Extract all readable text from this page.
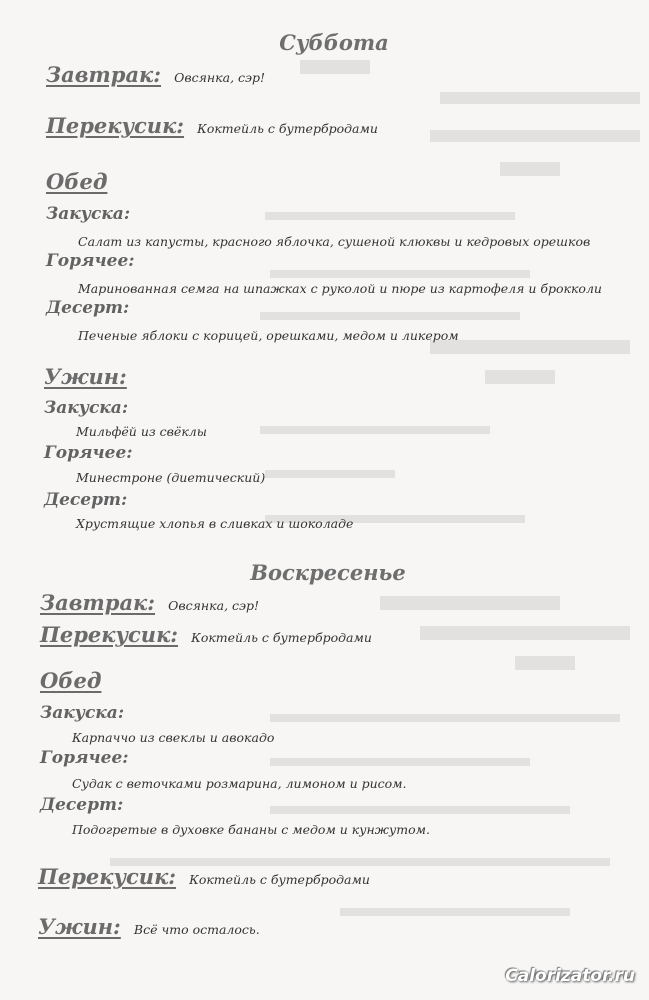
Суббота
Завтрак: Овсянка, сэр!
Перекусик: Коктейль с бутербродами
Обед
Закуска:
Салат из капусты, красного яблочка, сушеной клюквы и кедровых орешков
Горячее:
Маринованная семга на шпажках с руколой и пюре из картофеля и брокколи
Десерт:
Печеные яблоки с корицей, орешками, медом и ликером
Ужин:
Закуска:
Мильфёй из свёклы
Горячее:
Минестроне (диетический)
Десерт:
Хрустящие хлопья в сливках и шоколаде
Воскресенье
Завтрак: Овсянка, сэр!
Перекусик: Коктейль с бутербродами
Обед
Закуска:
Карпаччо из свеклы и авокадо
Горячее:
Судак с веточками розмарина, лимоном и рисом.
Десерт:
Подогретые в духовке бананы с медом и кунжутом.
Перекусик: Коктейль с бутербродами
Ужин: Всё что осталось.
Calorizator.ru
